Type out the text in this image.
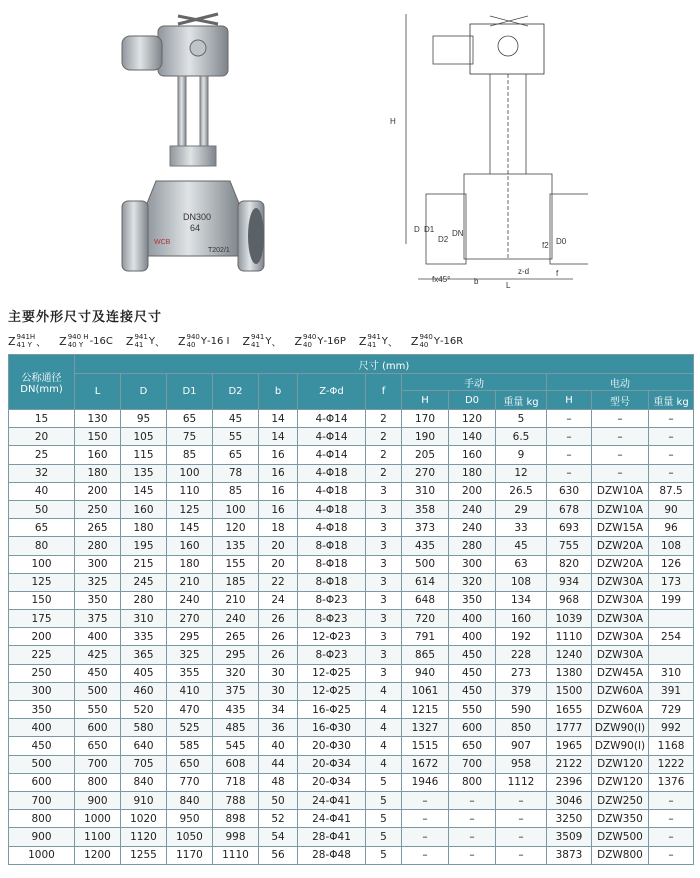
DN300
64
WCB
T202/1
H
D D1
D2
DN
fx45°	b
z-d
L
f
f2 D0
主要外形尺寸及连接尺寸
Z 941H
41 Y 、 Z 940 H
40 Y -16C Z 941
41 Y 、 Z 940
40 Y -16 I Z 941
41 Y 、 Z 940
40 Y -16P Z 941
41 Y 、 Z 940
40 Y -16R
公称通径 DN(mm)	尺寸 (mm)												
	L	D	D1	D2	b	Z-Φd	f	手动			电动		
								H	D0	重量 kg	H	型号	重量 kg
15	130	95	65	45	14	4-Φ14	2	170	120	5	–	–	–
20	150	105	75	55	14	4-Φ14	2	190	140	6.5	–	–	–
25	160	115	85	65	16	4-Φ14	2	205	160	9	–	–	–
32	180	135	100	78	16	4-Φ18	2	270	180	12	–	–	–
40	200	145	110	85	16	4-Φ18	3	310	200	26.5	630	DZW10A	87.5
50	250	160	125	100	16	4-Φ18	3	358	240	29	678	DZW10A	90
65	265	180	145	120	18	4-Φ18	3	373	240	33	693	DZW15A	96
80	280	195	160	135	20	8-Φ18	3	435	280	45	755	DZW20A	108
100	300	215	180	155	20	8-Φ18	3	500	300	63	820	DZW20A	126
125	325	245	210	185	22	8-Φ18	3	614	320	108	934	DZW30A	173
150	350	280	240	210	24	8-Φ23	3	648	350	134	968	DZW30A	199
175	375	310	270	240	26	8-Φ23	3	720	400	160	1039	DZW30A	
200	400	335	295	265	26	12-Φ23	3	791	400	192	1110	DZW30A	254
225	425	365	325	295	26	8-Φ23	3	865	450	228	1240	DZW30A	
250	450	405	355	320	30	12-Φ25	3	940	450	273	1380	DZW45A	310
300	500	460	410	375	30	12-Φ25	4	1061	450	379	1500	DZW60A	391
350	550	520	470	435	34	16-Φ25	4	1215	550	590	1655	DZW60A	729
400	600	580	525	485	36	16-Φ30	4	1327	600	850	1777	DZW90(I)	992
450	650	640	585	545	40	20-Φ30	4	1515	650	907	1965	DZW90(I)	1168
500	700	705	650	608	44	20-Φ34	4	1672	700	958	2122	DZW120	1222
600	800	840	770	718	48	20-Φ34	5	1946	800	1112	2396	DZW120	1376
700	900	910	840	788	50	24-Φ41	5	–	–	–	3046	DZW250	–
800	1000	1020	950	898	52	24-Φ41	5	–	–	–	3250	DZW350	–
900	1100	1120	1050	998	54	28-Φ41	5	–	–	–	3509	DZW500	–
1000	1200	1255	1170	1110	56	28-Φ48	5	–	–	–	3873	DZW800	–
